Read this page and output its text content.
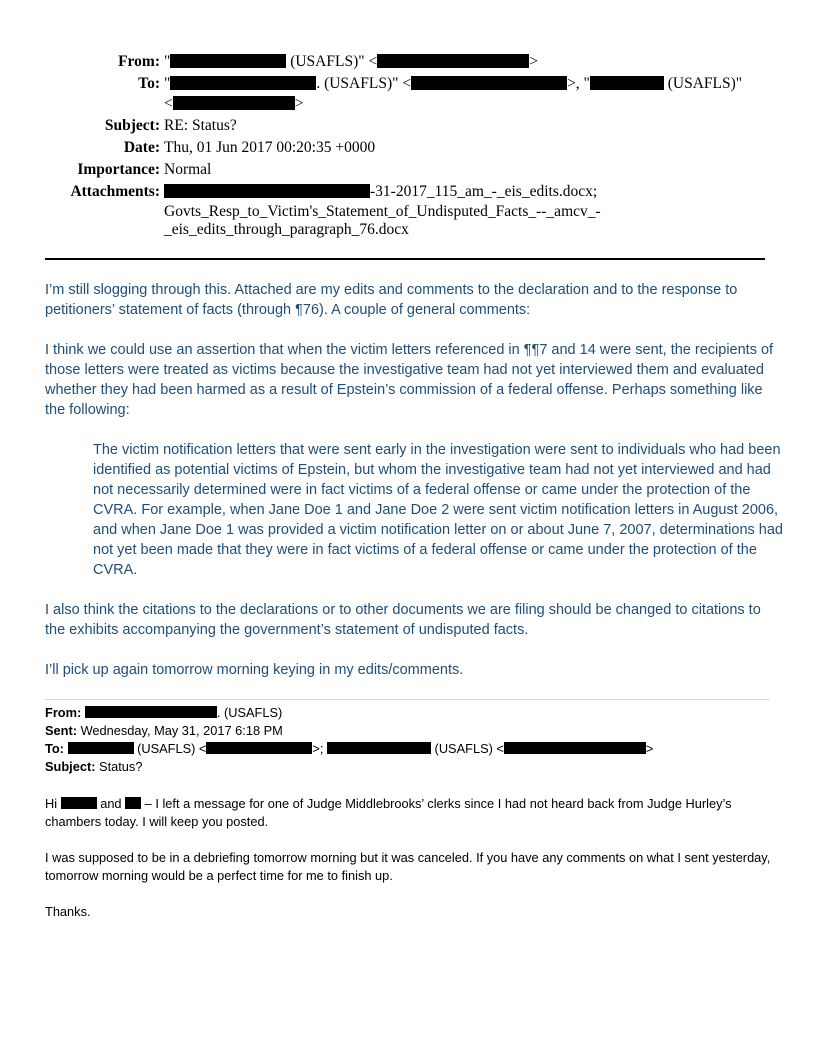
From: "	(USAFLS)" <	>
To: "	. (USAFLS)" <	>, "	(USAFLS)"
<	>
Subject: RE: Status?
Date: Thu, 01 Jun 2017 00:20:35 +0000
Importance: Normal
Attachments:	-31-2017_115_am_-_eis_edits.docx;
Govts_Resp_to_Victim's_Statement_of_Undisputed_Facts_--_amcv_-
_eis_edits_through_paragraph_76.docx

I’m still slogging through this. Attached are my edits and comments to the declaration and to the response to petitioners’ statement of facts (through ¶76). A couple of general comments:

I think we could use an assertion that when the victim letters referenced in ¶¶7 and 14 were sent, the recipients of those letters were treated as victims because the investigative team had not yet interviewed them and evaluated whether they had been harmed as a result of Epstein’s commission of a federal offense. Perhaps something like the following:

The victim notification letters that were sent early in the investigation were sent to individuals who had been identified as potential victims of Epstein, but whom the investigative team had not yet interviewed and had not necessarily determined were in fact victims of a federal offense or came under the protection of the CVRA. For example, when Jane Doe 1 and Jane Doe 2 were sent victim notification letters in August 2006, and when Jane Doe 1 was provided a victim notification letter on or about June 7, 2007, determinations had not yet been made that they were in fact victims of a federal offense or came under the protection of the CVRA.

I also think the citations to the declarations or to other documents we are filing should be changed to citations to the exhibits accompanying the government’s statement of undisputed facts.

I’ll pick up again tomorrow morning keying in my edits/comments.

From:	. (USAFLS)
Sent: Wednesday, May 31, 2017 6:18 PM
To:	(USAFLS) <	>;	(USAFLS) <	>
Subject: Status?

Hi	and  – I left a message for one of Judge Middlebrooks’ clerks since I had not heard back from Judge Hurley’s chambers today. I will keep you posted.

I was supposed to be in a debriefing tomorrow morning but it was canceled. If you have any comments on what I sent yesterday, tomorrow morning would be a perfect time for me to finish up.

Thanks.
